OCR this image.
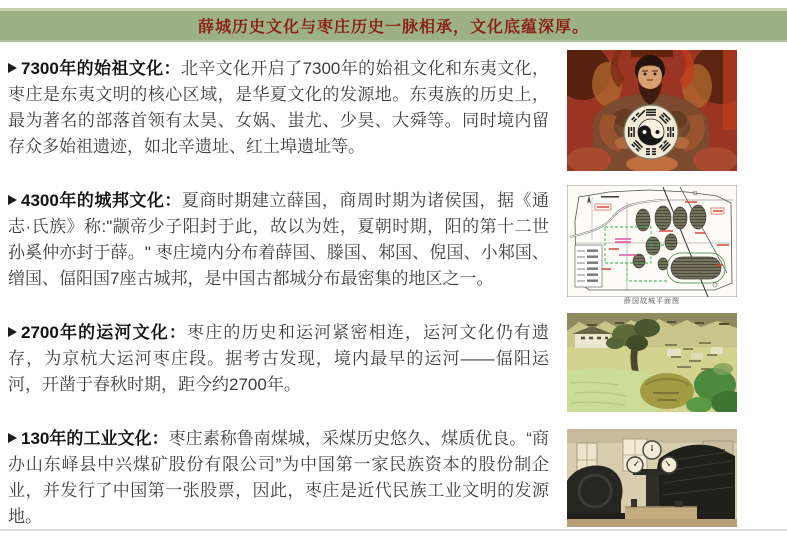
薛城历史文化与枣庄历史一脉相承，文化底蕴深厚。

7300年的始祖文化：北辛文化开启了7300年的始祖文化和东夷文化，枣庄是东夷文明的核心区域，是华夏文化的发源地。东夷族的历史上，最为著名的部落首领有太昊、女娲、蚩尤、少昊、大舜等。同时境内留存众多始祖遗迹，如北辛遗址、红土埠遗址等。

4300年的城邦文化：夏商时期建立薛国，商周时期为诸侯国，据《通志·氏族》称:"颛帝少子阳封于此，故以为姓，夏朝时期，阳的第十二世孙奚仲亦封于薛。" 枣庄境内分布着薛国、滕国、邾国、倪国、小邾国、缯国、偪阳国7座古城邦，是中国古都城分布最密集的地区之一。

2700年的运河文化：枣庄的历史和运河紧密相连，运河文化仍有遗存，为京杭大运河枣庄段。据考古发现，境内最早的运河——偪阳运河，开凿于春秋时期，距今约2700年。

130年的工业文化：枣庄素称鲁南煤城，采煤历史悠久、煤质优良。“商办山东峄县中兴煤矿股份有限公司”为中国第一家民族资本的股份制企业，并发行了中国第一张股票，因此，枣庄是近代民族工业文明的发源地。

薛国故城平面图
